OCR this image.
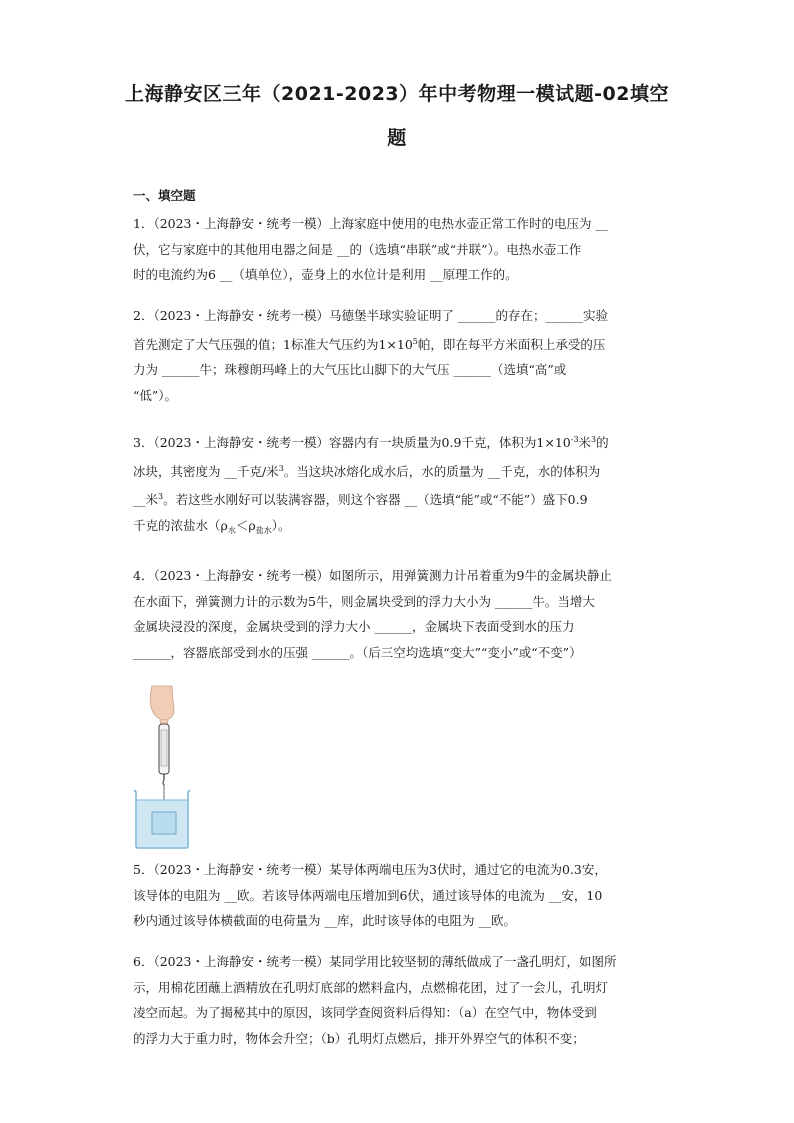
上海静安区三年（2021-2023）年中考物理一模试题-02填空
题
一、填空题

1．（2023・上海静安・统考一模）上海家庭中使用的电热水壶正常工作时的电压为 __

伏，它与家庭中的其他用电器之间是 __的（选填“串联”或“并联”）。电热水壶工作

时的电流约为6 __（填单位），壶身上的水位计是利用 __原理工作的。

2．（2023・上海静安・统考一模）马德堡半球实验证明了 ______的存在；______实验

首先测定了大气压强的值；1标准大气压约为$1\times 10^5$帕，即在每平方米面积上承受的压

力为 ______牛；珠穆朗玛峰上的大气压比山脚下的大气压 ______（选填“高”或

“低”）。

3．（2023・上海静安・统考一模）容器内有一块质量为0.9千克，体积为$1\times 10^{-3}$米$^3$的

冰块，其密度为 __千克/米$^3$。当这块冰熔化成水后，水的质量为 __千克，水的体积为

__米$^3$。若这些水刚好可以装满容器，则这个容器 __（选填“能”或“不能”）盛下0.9

千克的浓盐水$(\rho_水<\rho_{盐水})$。

4．（2023・上海静安・统考一模）如图所示，用弹簧测力计吊着重为9牛的金属块静止

在水面下，弹簧测力计的示数为5牛，则金属块受到的浮力大小为 ______牛。当增大

金属块浸没的深度，金属块受到的浮力大小 ______，金属块下表面受到水的压力

______，容器底部受到水的压强 ______。（后三空均选填“变大”“变小”或“不变”）

5．（2023・上海静安・统考一模）某导体两端电压为3伏时，通过它的电流为0.3安，

该导体的电阻为 __欧。若该导体两端电压增加到6伏，通过该导体的电流为 __安，10

秒内通过该导体横截面的电荷量为 __库，此时该导体的电阻为 __欧。

6．（2023・上海静安・统考一模）某同学用比较坚韧的薄纸做成了一盏孔明灯，如图所

示，用棉花团蘸上酒精放在孔明灯底部的燃料盒内，点燃棉花团，过了一会儿，孔明灯

凌空而起。为了揭秘其中的原因，该同学查阅资料后得知：（a）在空气中，物体受到

的浮力大于重力时，物体会升空；（b）孔明灯点燃后，排开外界空气的体积不变；
